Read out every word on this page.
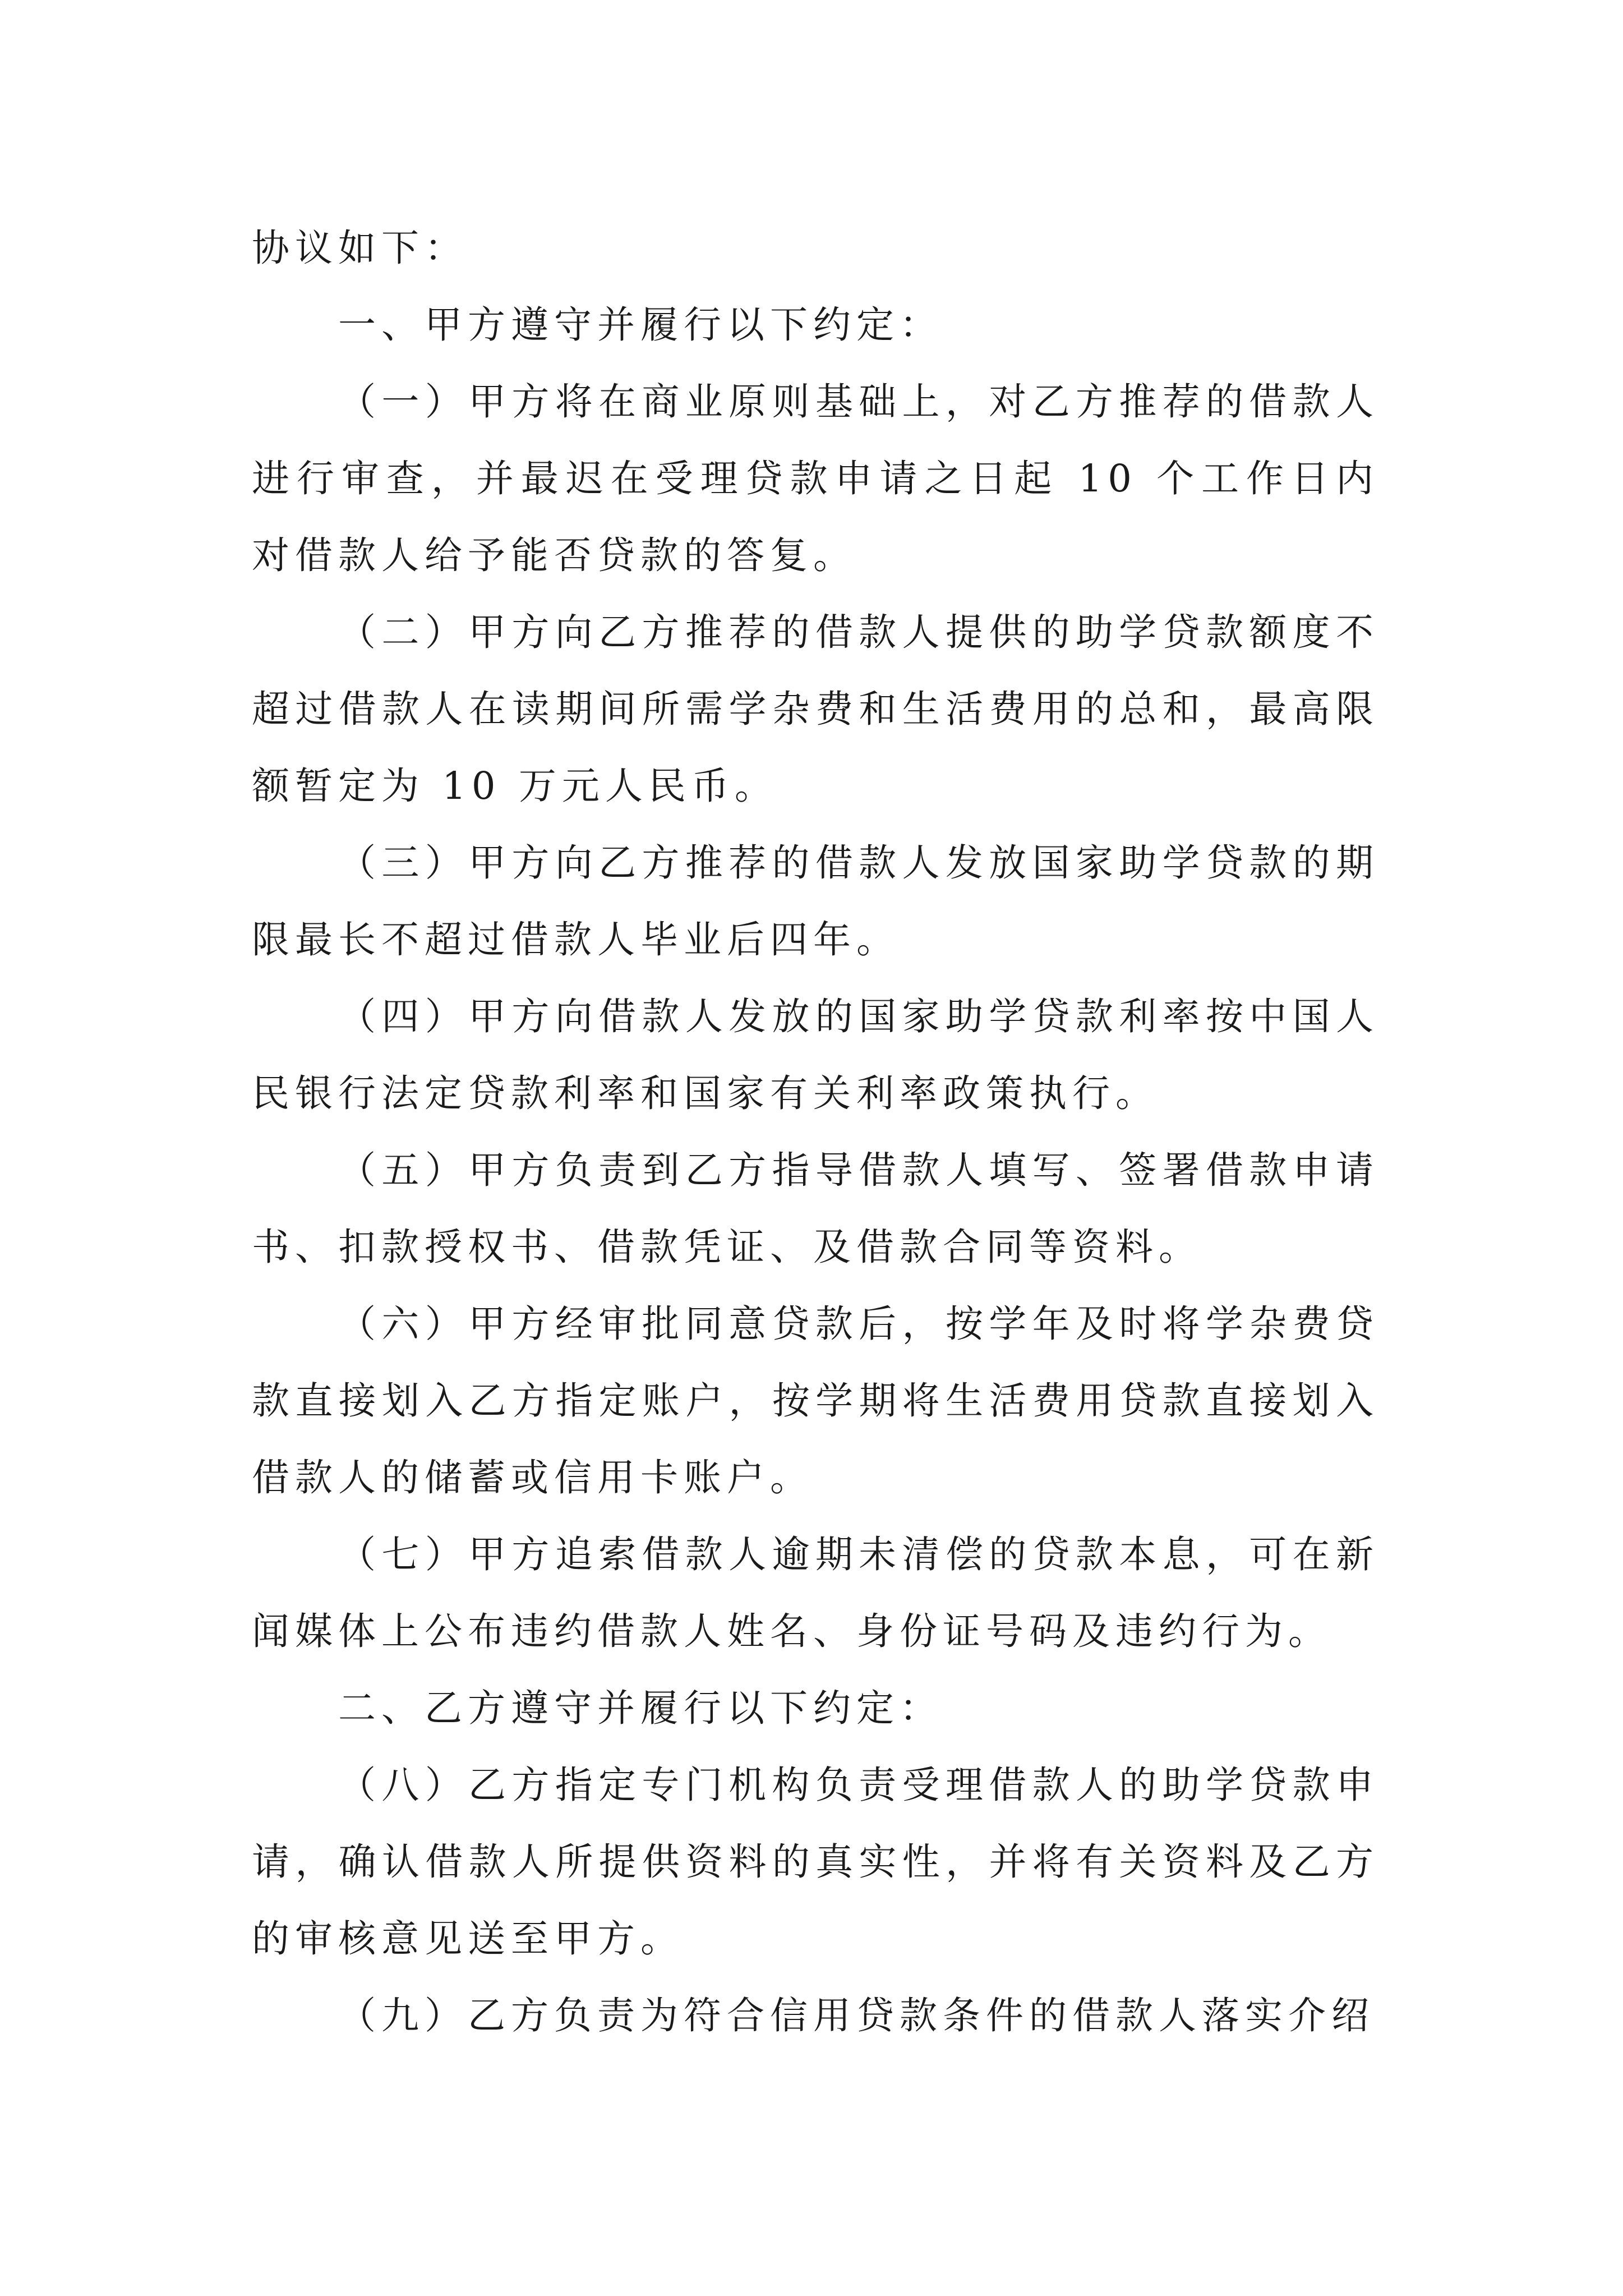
协议如下：

一、甲方遵守并履行以下约定：

（一）甲方将在商业原则基础上，对乙方推荐的借款人进行审查，并最迟在受理贷款申请之日起 10 个工作日内对借款人给予能否贷款的答复。

（二）甲方向乙方推荐的借款人提供的助学贷款额度不超过借款人在读期间所需学杂费和生活费用的总和，最高限额暂定为 10 万元人民币。

（三）甲方向乙方推荐的借款人发放国家助学贷款的期限最长不超过借款人毕业后四年。

（四）甲方向借款人发放的国家助学贷款利率按中国人民银行法定贷款利率和国家有关利率政策执行。

（五）甲方负责到乙方指导借款人填写、签署借款申请书、扣款授权书、借款凭证、及借款合同等资料。

（六）甲方经审批同意贷款后，按学年及时将学杂费贷款直接划入乙方指定账户，按学期将生活费用贷款直接划入借款人的储蓄或信用卡账户。

（七）甲方追索借款人逾期未清偿的贷款本息，可在新闻媒体上公布违约借款人姓名、身份证号码及违约行为。

二、乙方遵守并履行以下约定：

（八）乙方指定专门机构负责受理借款人的助学贷款申请，确认借款人所提供资料的真实性，并将有关资料及乙方的审核意见送至甲方。

（九）乙方负责为符合信用贷款条件的借款人落实介绍
